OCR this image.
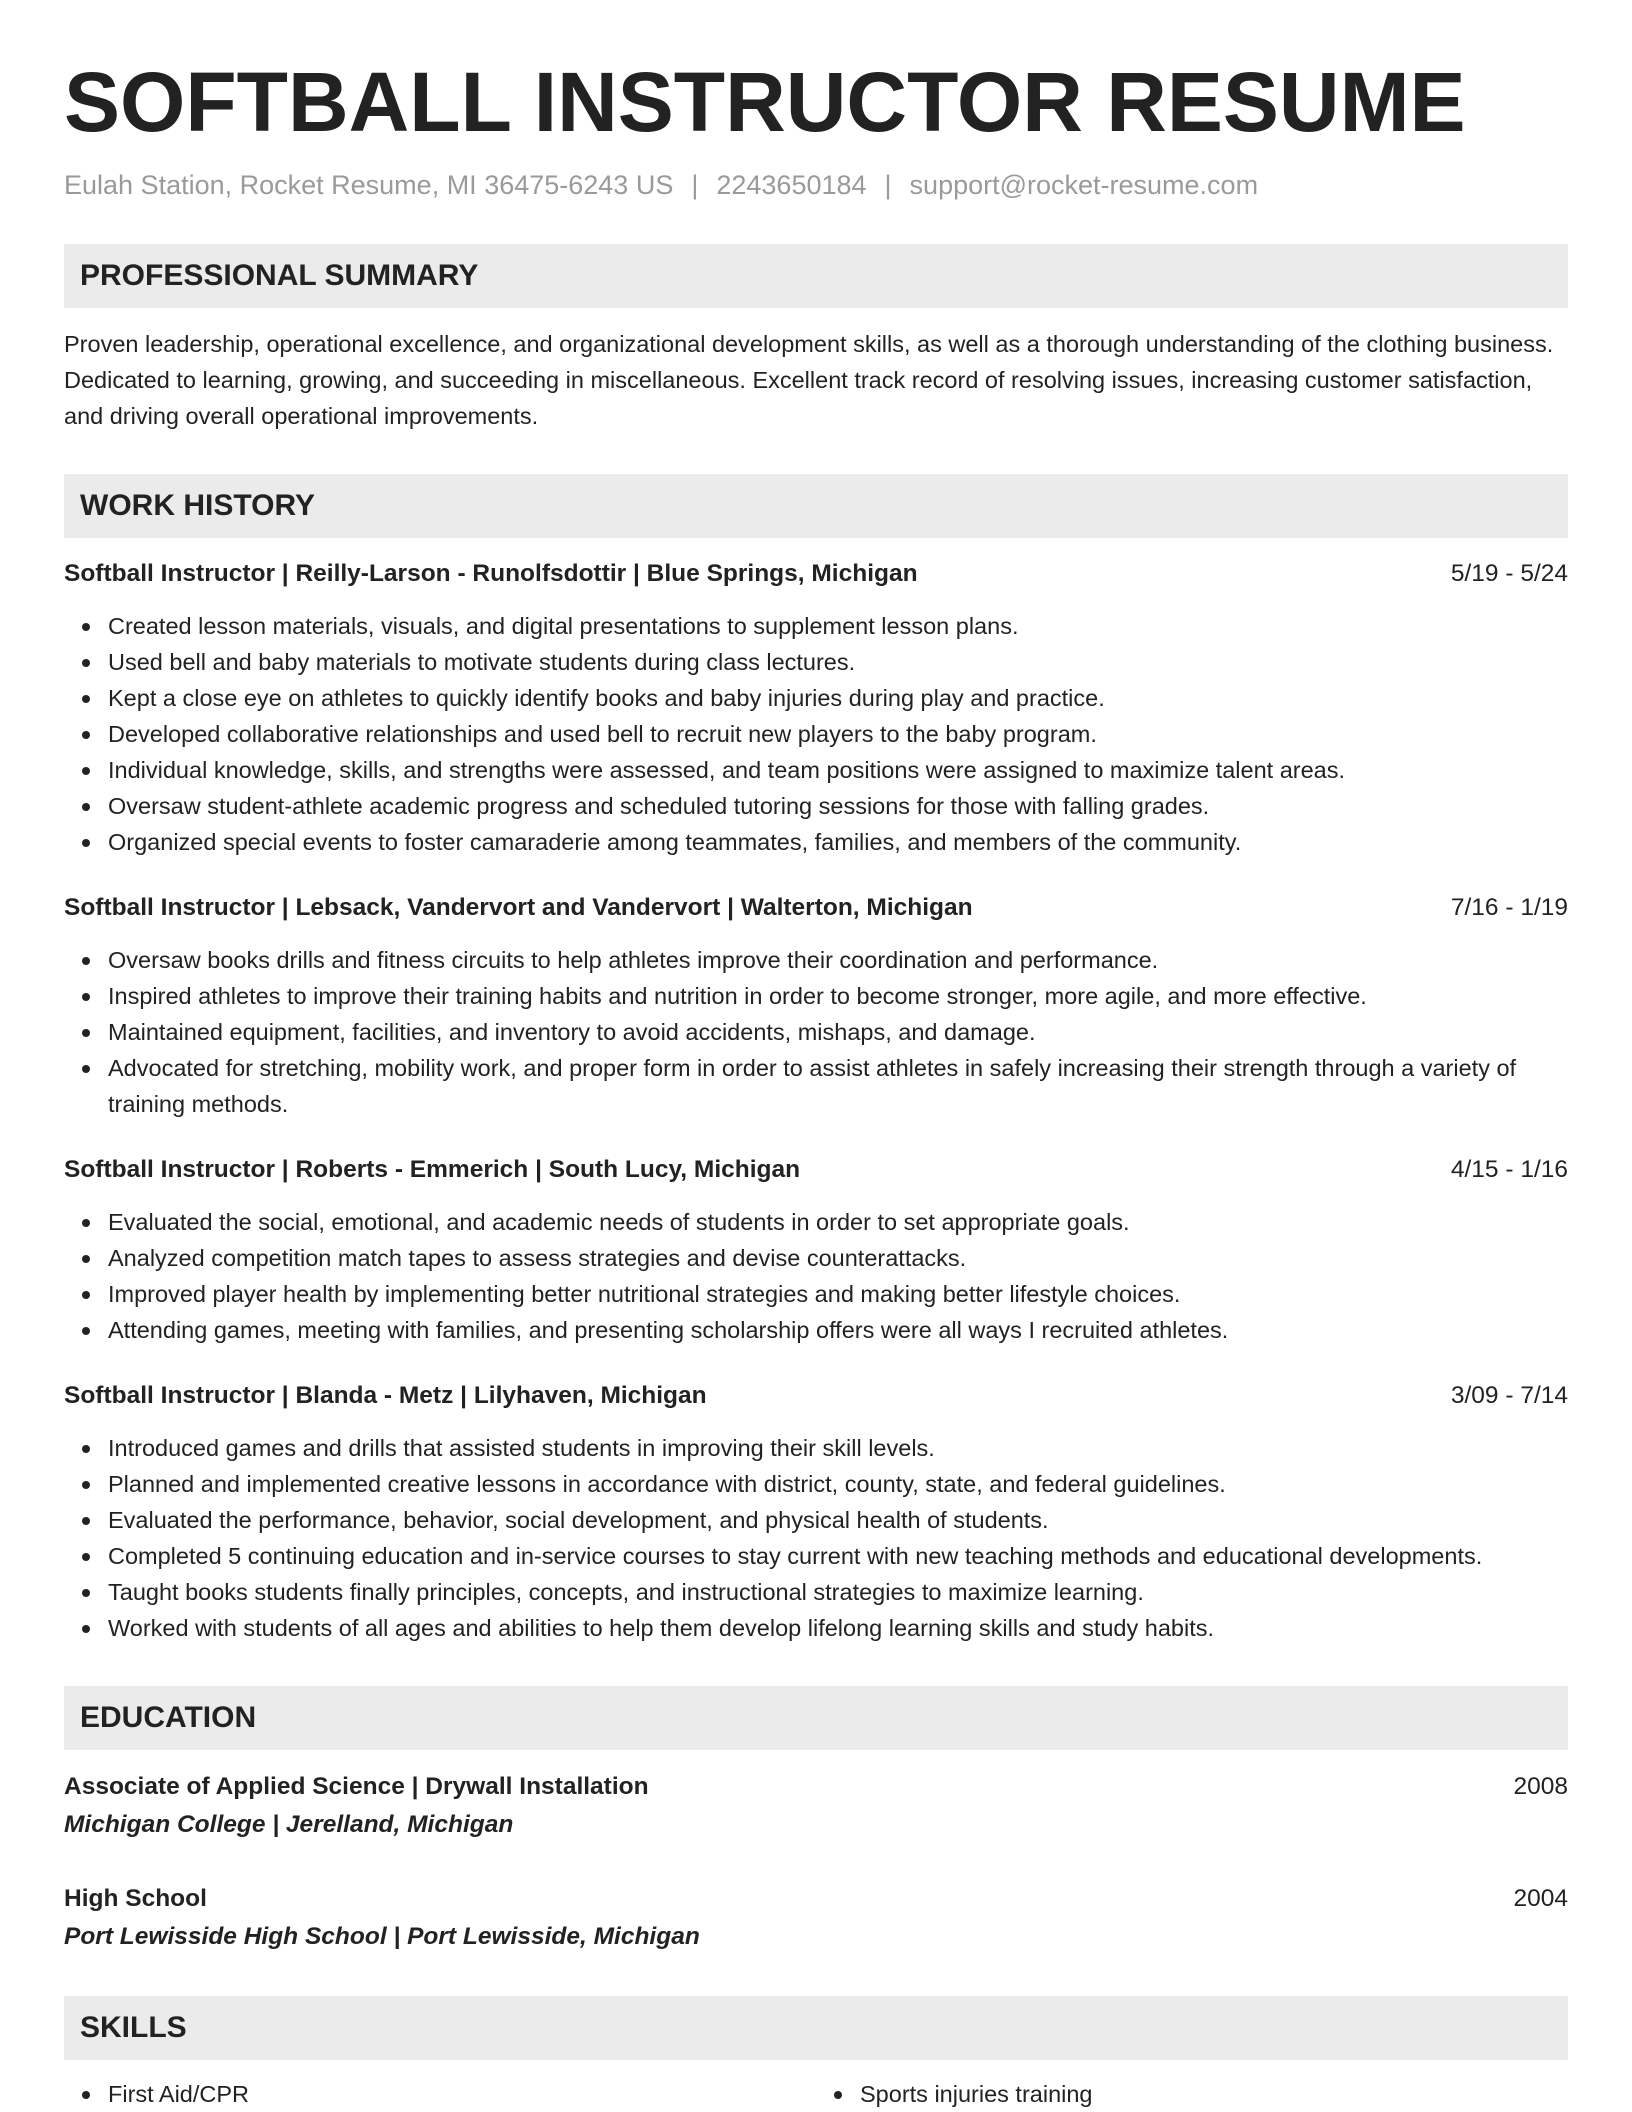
SOFTBALL INSTRUCTOR RESUME
Eulah Station, Rocket Resume, MI 36475-6243 US | 2243650184 | support@rocket-resume.com
PROFESSIONAL SUMMARY
Proven leadership, operational excellence, and organizational development skills, as well as a thorough understanding of the clothing business. Dedicated to learning, growing, and succeeding in miscellaneous. Excellent track record of resolving issues, increasing customer satisfaction, and driving overall operational improvements.
WORK HISTORY
Softball Instructor | Reilly-Larson - Runolfsdottir | Blue Springs, Michigan	5/19 - 5/24
Created lesson materials, visuals, and digital presentations to supplement lesson plans.
Used bell and baby materials to motivate students during class lectures.
Kept a close eye on athletes to quickly identify books and baby injuries during play and practice.
Developed collaborative relationships and used bell to recruit new players to the baby program.
Individual knowledge, skills, and strengths were assessed, and team positions were assigned to maximize talent areas.
Oversaw student-athlete academic progress and scheduled tutoring sessions for those with falling grades.
Organized special events to foster camaraderie among teammates, families, and members of the community.
Softball Instructor | Lebsack, Vandervort and Vandervort | Walterton, Michigan	7/16 - 1/19
Oversaw books drills and fitness circuits to help athletes improve their coordination and performance.
Inspired athletes to improve their training habits and nutrition in order to become stronger, more agile, and more effective.
Maintained equipment, facilities, and inventory to avoid accidents, mishaps, and damage.
Advocated for stretching, mobility work, and proper form in order to assist athletes in safely increasing their strength through a variety of training methods.
Softball Instructor | Roberts - Emmerich | South Lucy, Michigan	4/15 - 1/16
Evaluated the social, emotional, and academic needs of students in order to set appropriate goals.
Analyzed competition match tapes to assess strategies and devise counterattacks.
Improved player health by implementing better nutritional strategies and making better lifestyle choices.
Attending games, meeting with families, and presenting scholarship offers were all ways I recruited athletes.
Softball Instructor | Blanda - Metz | Lilyhaven, Michigan	3/09 - 7/14
Introduced games and drills that assisted students in improving their skill levels.
Planned and implemented creative lessons in accordance with district, county, state, and federal guidelines.
Evaluated the performance, behavior, social development, and physical health of students.
Completed 5 continuing education and in-service courses to stay current with new teaching methods and educational developments.
Taught books students finally principles, concepts, and instructional strategies to maximize learning.
Worked with students of all ages and abilities to help them develop lifelong learning skills and study habits.
EDUCATION
Associate of Applied Science | Drywall Installation	2008
Michigan College | Jerelland, Michigan
High School	2004
Port Lewisside High School | Port Lewisside, Michigan
SKILLS
First Aid/CPR	Sports injuries training
